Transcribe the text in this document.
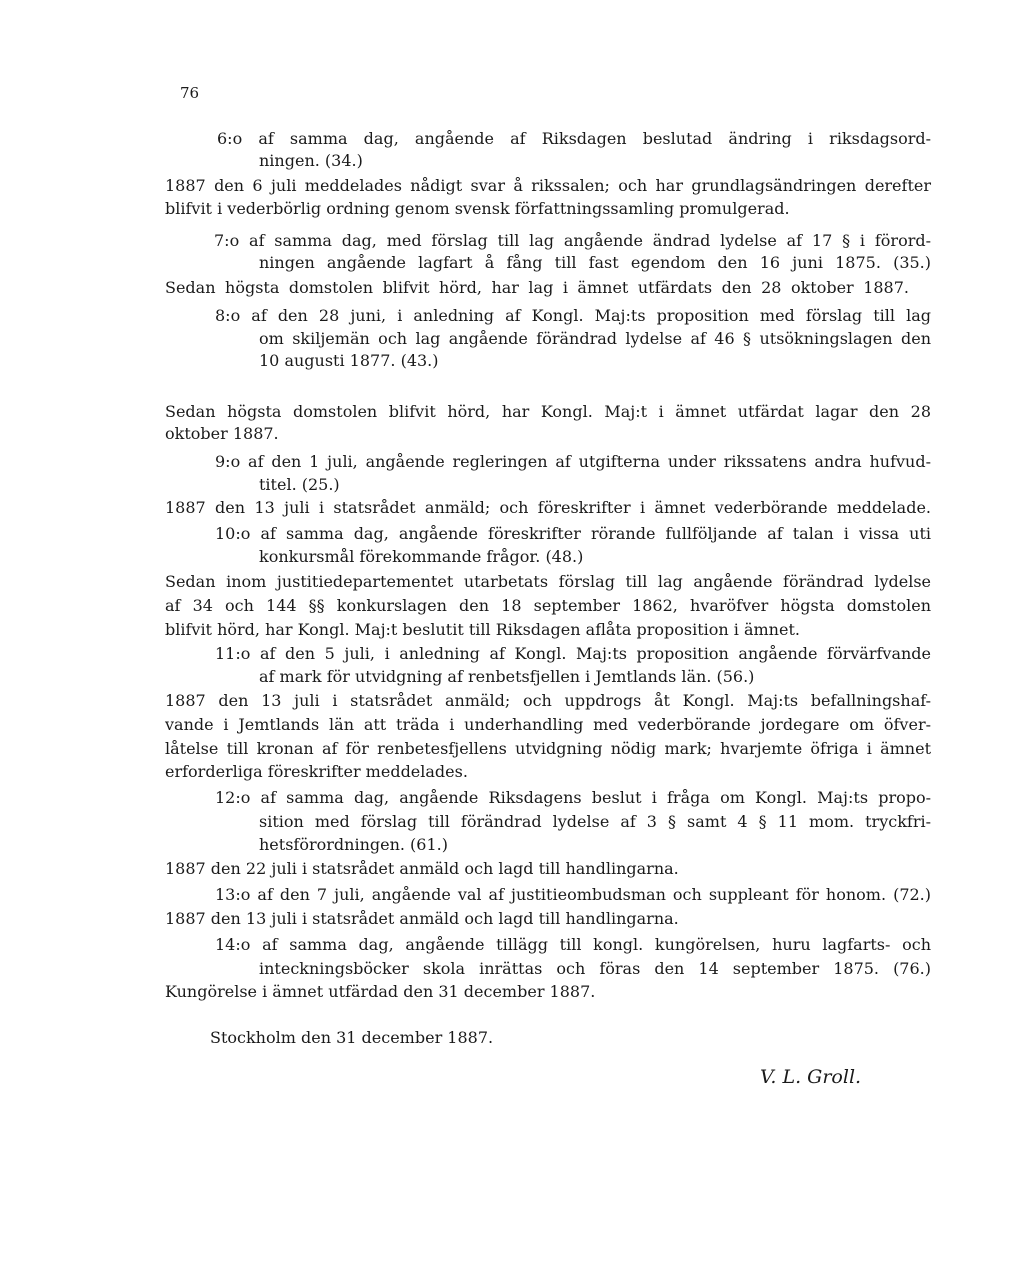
76
6:o af samma dag, angående af Riksdagen beslutad ändring i riksdagsord-
ningen. (34.)
1887 den 6 juli meddelades nådigt svar å rikssalen; och har grundlagsändringen derefter
blifvit i vederbörlig ordning genom svensk författningssamling promulgerad.
7:o af samma dag, med förslag till lag angående ändrad lydelse af 17 § i förord-
ningen angående lagfart å fång till fast egendom den 16 juni 1875. (35.)
Sedan högsta domstolen blifvit hörd, har lag i ämnet utfärdats den 28 oktober 1887.
8:o af den 28 juni, i anledning af Kongl. Maj:ts proposition med förslag till lag
om skiljemän och lag angående förändrad lydelse af 46 § utsökningslagen den
10 augusti 1877. (43.)
Sedan högsta domstolen blifvit hörd, har Kongl. Maj:t i ämnet utfärdat lagar den 28
oktober 1887.
9:o af den 1 juli, angående regleringen af utgifterna under rikssatens andra hufvud-
titel. (25.)
1887 den 13 juli i statsrådet anmäld; och föreskrifter i ämnet vederbörande meddelade.
10:o af samma dag, angående föreskrifter rörande fullföljande af talan i vissa uti
konkursmål förekommande frågor. (48.)
Sedan inom justitiedepartementet utarbetats förslag till lag angående förändrad lydelse
af 34 och 144 §§ konkurslagen den 18 september 1862, hvaröfver högsta domstolen
blifvit hörd, har Kongl. Maj:t beslutit till Riksdagen aflåta proposition i ämnet.
11:o af den 5 juli, i anledning af Kongl. Maj:ts proposition angående förvärfvande
af mark för utvidgning af renbetsfjellen i Jemtlands län. (56.)
1887 den 13 juli i statsrådet anmäld; och uppdrogs åt Kongl. Maj:ts befallningshaf-
vande i Jemtlands län att träda i underhandling med vederbörande jordegare om öfver-
låtelse till kronan af för renbetesfjellens utvidgning nödig mark; hvarjemte öfriga i ämnet
erforderliga föreskrifter meddelades.
12:o af samma dag, angående Riksdagens beslut i fråga om Kongl. Maj:ts propo-
sition med förslag till förändrad lydelse af 3 § samt 4 § 11 mom. tryckfri-
hetsförordningen. (61.)
1887 den 22 juli i statsrådet anmäld och lagd till handlingarna.
13:o af den 7 juli, angående val af justitieombudsman och suppleant för honom. (72.)
1887 den 13 juli i statsrådet anmäld och lagd till handlingarna.
14:o af samma dag, angående tillägg till kongl. kungörelsen, huru lagfarts- och
inteckningsböcker skola inrättas och föras den 14 september 1875. (76.)
Kungörelse i ämnet utfärdad den 31 december 1887.
Stockholm den 31 december 1887.
V. L. Groll.
